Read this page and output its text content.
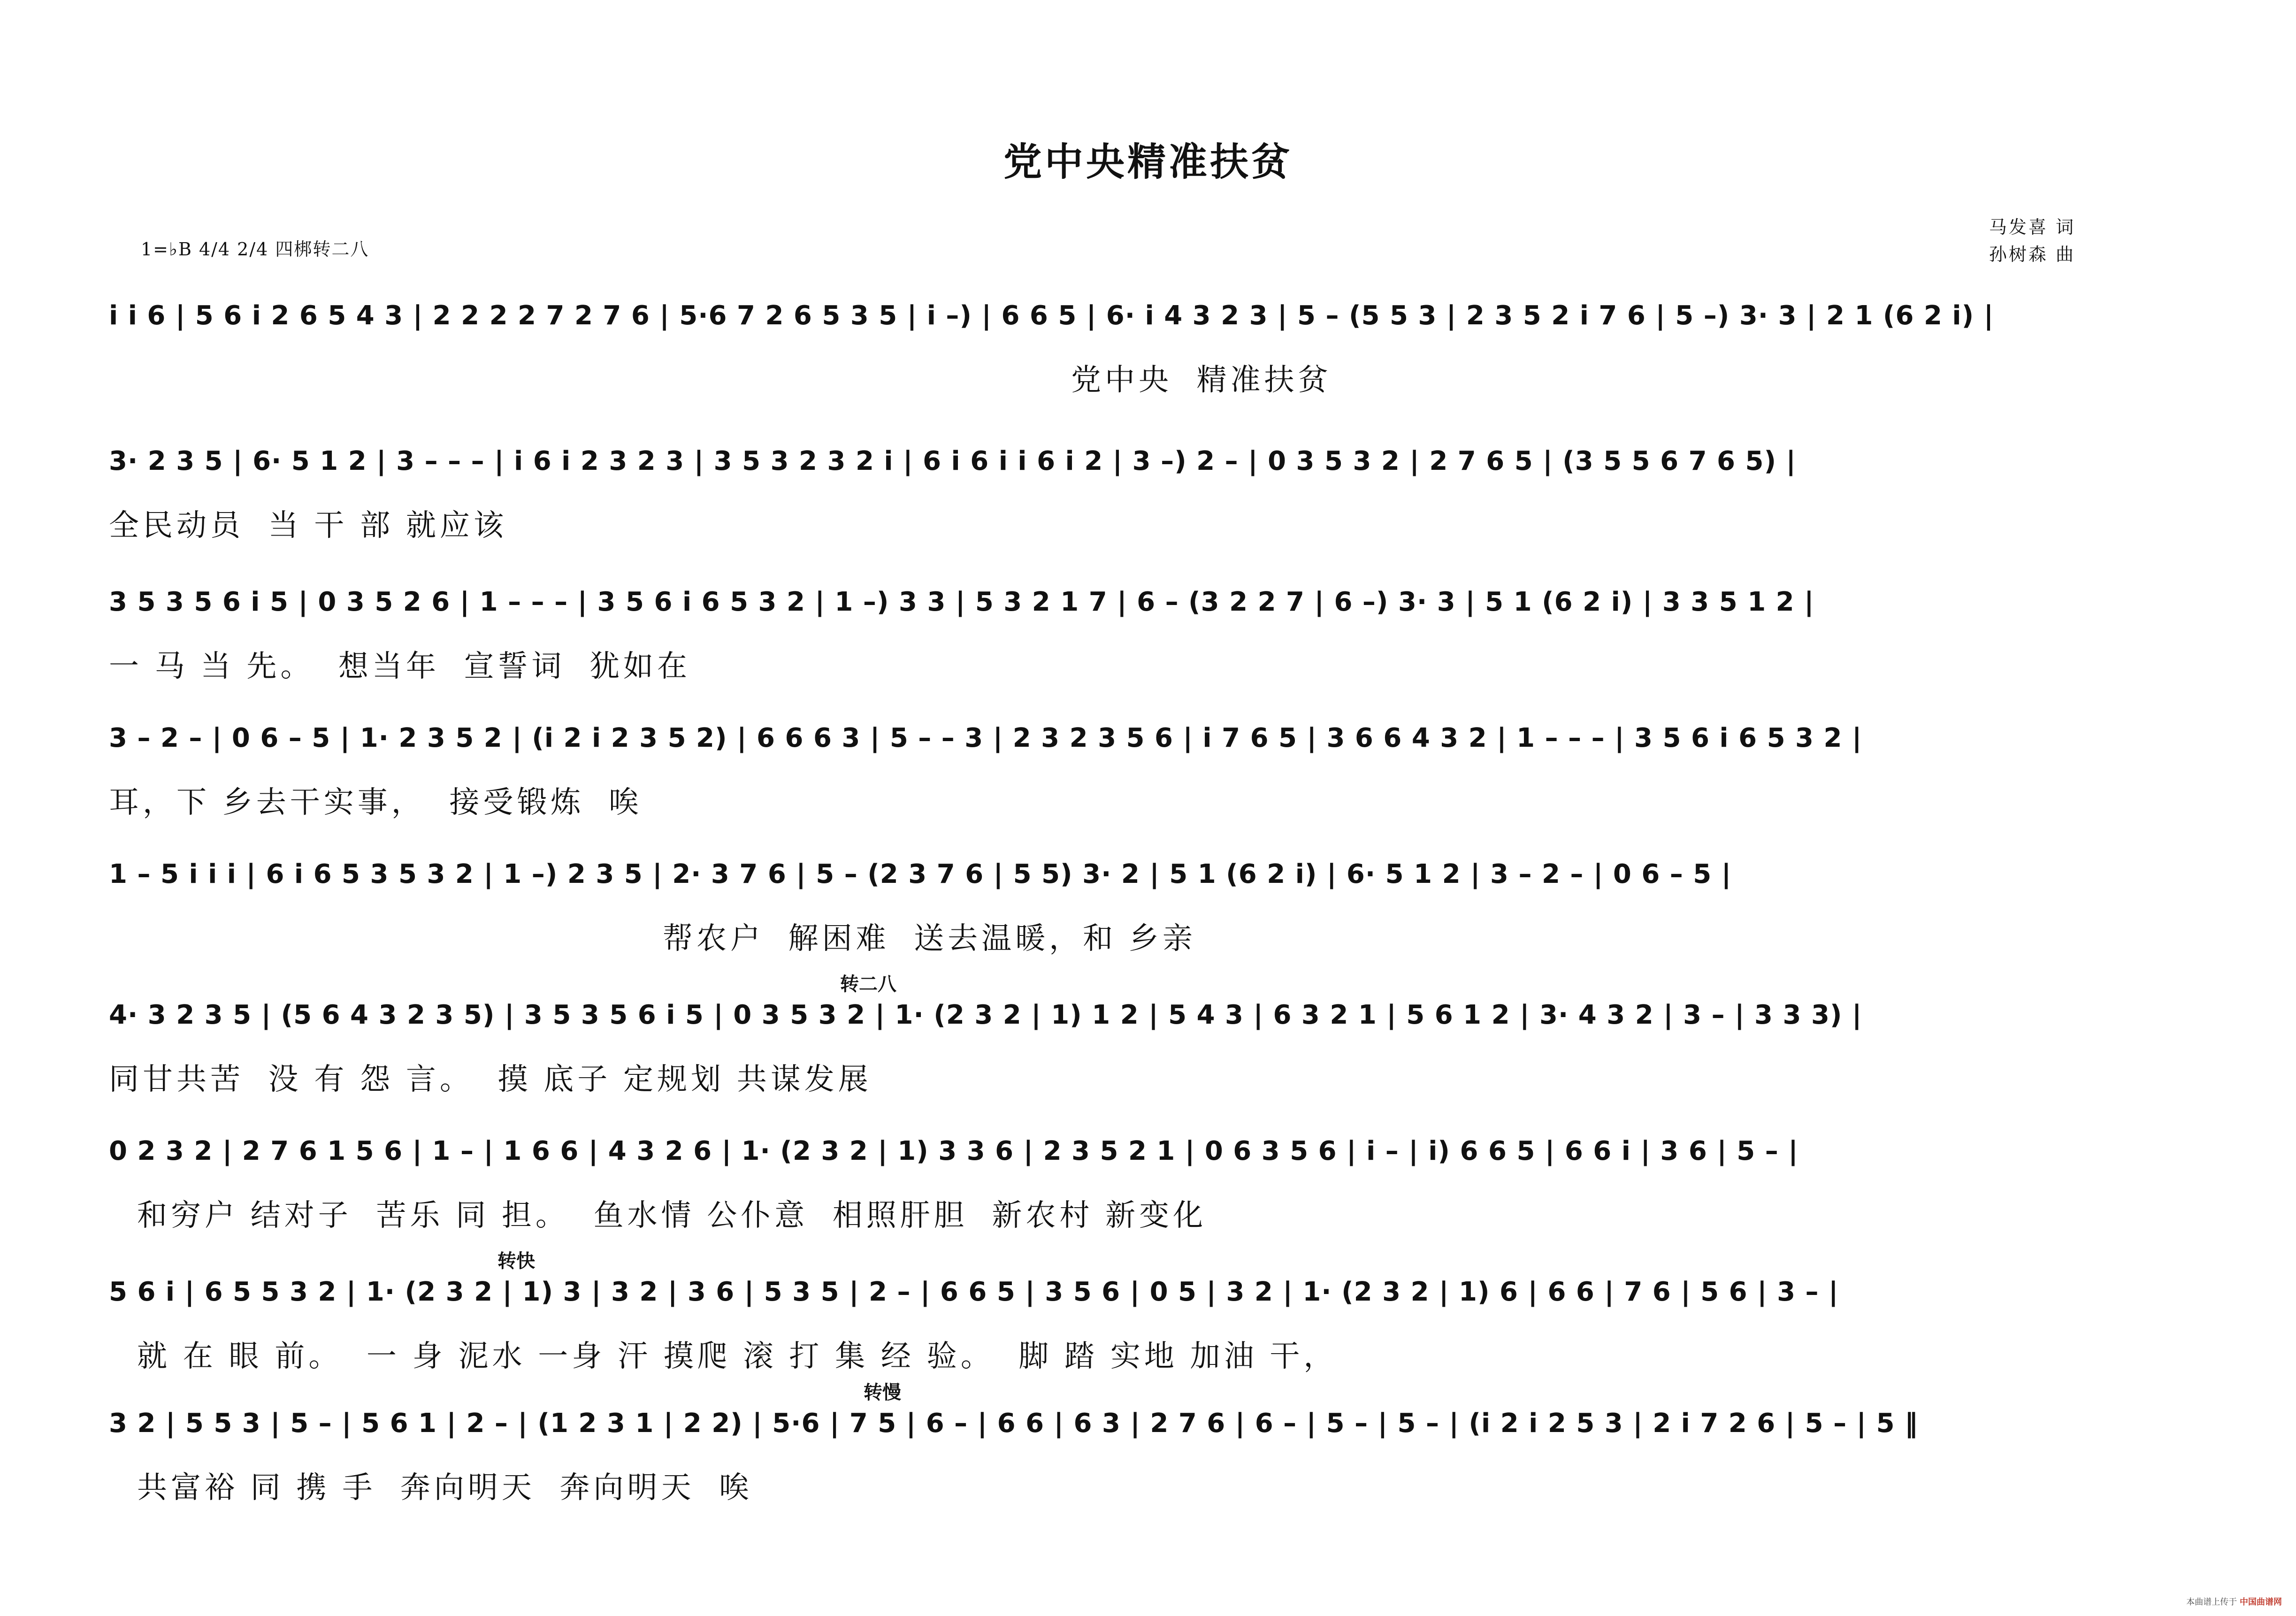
党中央精准扶贫
1=♭B 4/4 2/4 四梆转二八
马发喜 词
孙树森 曲
i i 6 | 5 6 i 2 6 5 4 3 | 2 2 2 2 7 2 7 6 | 5·6 7 2 6 5 3 5 | i –) | 6 6 5 | 6· i 4 3 2 3 | 5 – (5 5 3 | 2 3 5 2 i 7 6 | 5 –) 3· 3 | 2 1 (6 2 i) |
党中央  精准扶贫
3· 2 3 5 | 6· 5 1 2 | 3 – – – | i 6 i 2 3 2 3 | 3 5 3 2 3 2 i | 6 i 6 i i 6 i 2 | 3 –) 2 – | 0 3 5 3 2 | 2 7 6 5 | (3 5 5 6 7 6 5) |
全民动员  当 干 部 就应该
3 5 3 5 6 i 5 | 0 3 5 2 6 | 1 – – – | 3 5 6 i 6 5 3 2 | 1 –) 3 3 | 5 3 2 1 7 | 6 – (3 2 2 7 | 6 –) 3· 3 | 5 1 (6 2 i) | 3 3 5 1 2 |
一 马 当 先。  想当年  宣誓词  犹如在
3 – 2 – | 0 6 – 5 | 1· 2 3 5 2 | (i 2 i 2 3 5 2) | 6 6 6 3 | 5 – – 3 | 2 3 2 3 5 6 | i 7 6 5 | 3 6 6 4 3 2 | 1 – – – | 3 5 6 i 6 5 3 2 |
耳，下 乡去干实事，  接受锻炼  唉
1 – 5 i i i | 6 i 6 5 3 5 3 2 | 1 –) 2 3 5 | 2· 3 7 6 | 5 – (2 3 7 6 | 5 5) 3· 2 | 5 1 (6 2 i) | 6· 5 1 2 | 3 – 2 – | 0 6 – 5 |
帮农户  解困难  送去温暖，和 乡亲
转二八
4· 3 2 3 5 | (5 6 4 3 2 3 5) | 3 5 3 5 6 i 5 | 0 3 5 3 2 | 1· (2 3 2 | 1) 1 2 | 5 4 3 | 6 3 2 1 | 5 6 1 2 | 3· 4 3 2 | 3 – | 3 3 3) |
同甘共苦  没 有 怨 言。  摸 底子 定规划 共谋发展
0 2 3 2 | 2 7 6 1 5 6 | 1 – | 1 6 6 | 4 3 2 6 | 1· (2 3 2 | 1) 3 3 6 | 2 3 5 2 1 | 0 6 3 5 6 | i – | i) 6 6 5 | 6 6 i | 3 6 | 5 – |
和穷户 结对子  苦乐 同 担。  鱼水情 公仆意  相照肝胆  新农村 新变化
转快
5 6 i | 6 5 5 3 2 | 1· (2 3 2 | 1) 3 | 3 2 | 3 6 | 5 3 5 | 2 – | 6 6 5 | 3 5 6 | 0 5 | 3 2 | 1· (2 3 2 | 1) 6 | 6 6 | 7 6 | 5 6 | 3 – |
就 在 眼 前。  一 身 泥水 一身 汗 摸爬 滚 打 集 经 验。  脚 踏 实地 加油 干，
转慢
3 2 | 5 5 3 | 5 – | 5 6 1 | 2 – | (1 2 3 1 | 2 2) | 5·6 | 7 5 | 6 – | 6 6 | 6 3 | 2 7 6 | 6 – | 5 – | 5 – | (i 2 i 2 5 3 | 2 i 7 2 6 | 5 – | 5 ‖
共富裕 同 携 手  奔向明天  奔向明天  唉
本曲谱上传于 中国曲谱网
